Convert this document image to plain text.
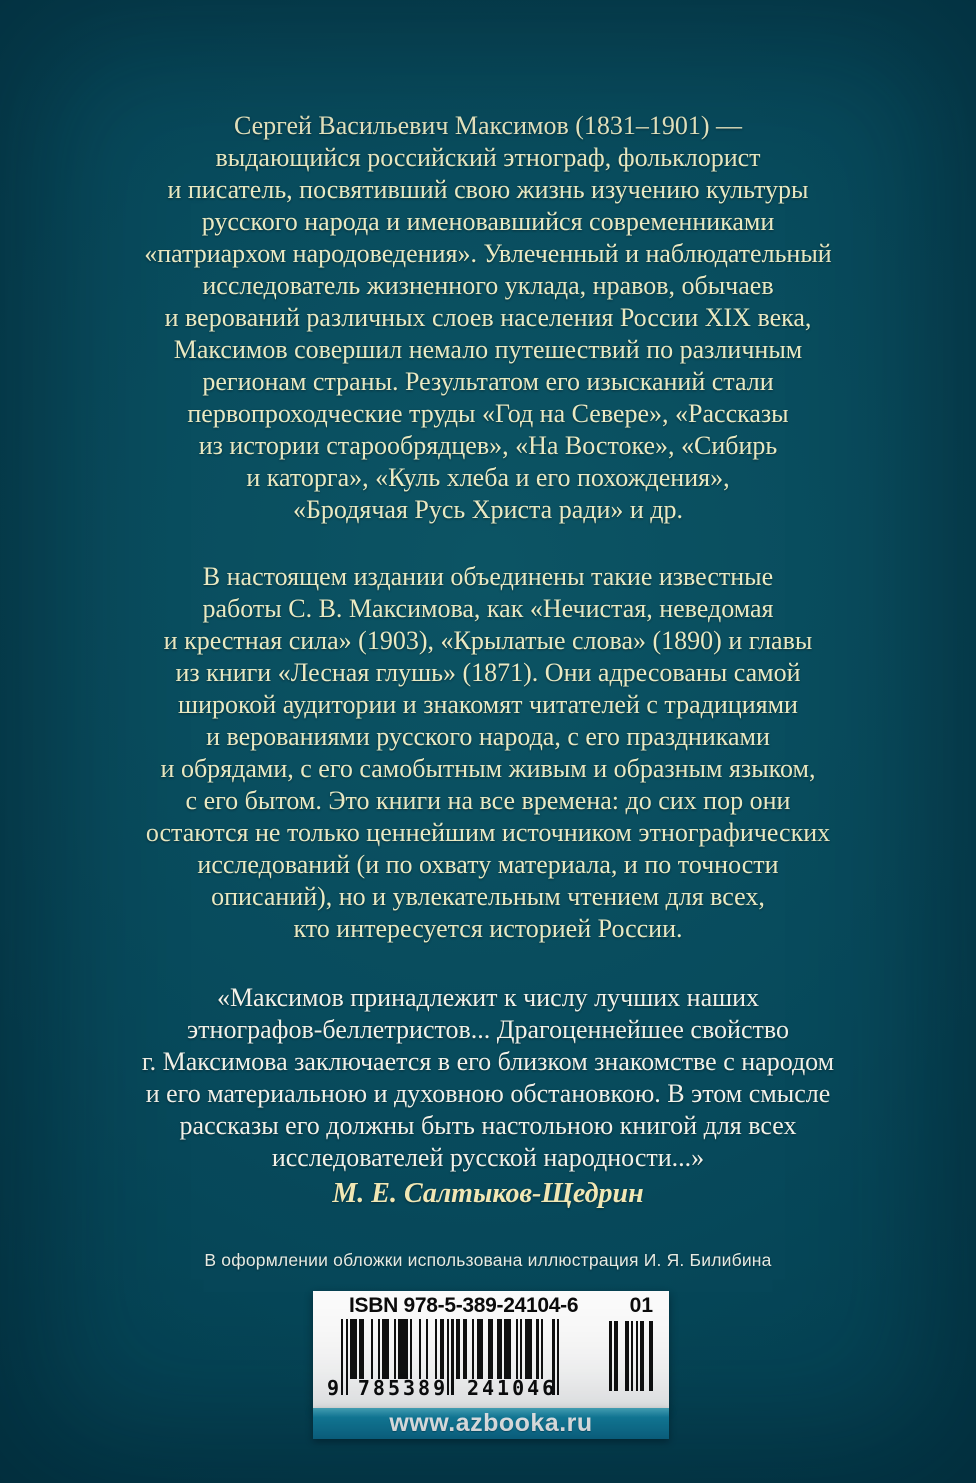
Сергей Васильевич Максимов (1831–1901) —
выдающийся российский этнограф, фольклорист
и писатель, посвятивший свою жизнь изучению культуры
русского народа и именовавшийся современниками
«патриархом народоведения». Увлеченный и наблюдательный
исследователь жизненного уклада, нравов, обычаев
и верований различных слоев населения России XIX века,
Максимов совершил немало путешествий по различным
регионам страны. Результатом его изысканий стали
первопроходческие труды «Год на Севере», «Рассказы
из истории старообрядцев», «На Востоке», «Сибирь
и каторга», «Куль хлеба и его похождения»,
«Бродячая Русь Христа ради» и др.
В настоящем издании объединены такие известные
работы С. В. Максимова, как «Нечистая, неведомая
и крестная сила» (1903), «Крылатые слова» (1890) и главы
из книги «Лесная глушь» (1871). Они адресованы самой
широкой аудитории и знакомят читателей с традициями
и верованиями русского народа, с его праздниками
и обрядами, с его самобытным живым и образным языком,
с его бытом. Это книги на все времена: до сих пор они
остаются не только ценнейшим источником этнографических
исследований (и по охвату материала, и по точности
описаний), но и увлекательным чтением для всех,
кто интересуется историей России.
«Максимов принадлежит к числу лучших наших
этнографов-беллетристов... Драгоценнейшее свойство
г. Максимова заключается в его близком знакомстве с народом
и его материальною и духовною обстановкою. В этом смысле
рассказы его должны быть настольною книгой для всех
исследователей русской народности...»
М. Е. Салтыков-Щедрин
В оформлении обложки использована иллюстрация И. Я. Билибина
ISBN 978-5-389-24104-6 01
9 785389 241046
www.azbooka.ru
